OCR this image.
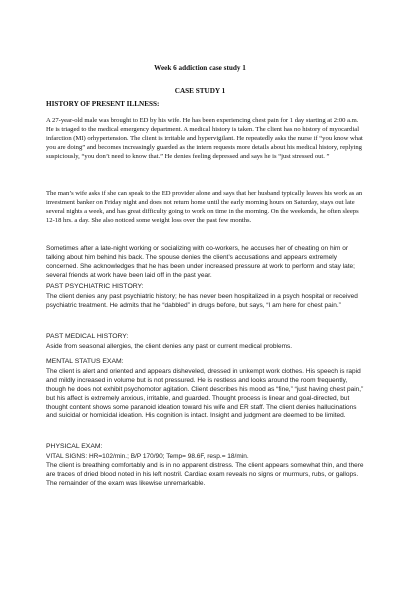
Week 6 addiction case study 1
CASE STUDY 1
HISTORY OF PRESENT ILLNESS:

A 27-year-old male was brought to ED by his wife. He has been experiencing chest pain for 1 day starting at 2:00 a.m. He is triaged to the medical emergency department. A medical history is taken. The client has no history of myocardial infarction (MI) orhypertension. The client is irritable and hypervigilant. He repeatedly asks the nurse if “you know what you are doing” and becomes increasingly guarded as the intern requests more details about his medical history, replying suspiciously, “you don’t need to know that.” He denies feeling depressed and says he is “just stressed out. ”

The man’s wife asks if she can speak to the ED provider alone and says that her husband typically leaves his work as an investment banker on Friday night and does not return home until the early morning hours on Saturday, stays out late several nights a week, and has great difficulty going to work on time in the morning. On the weekends, he often sleeps 12-18 hrs. a day. She also noticed some weight loss over the past few months.

Sometimes after a late-night working or socializing with co-workers, he accuses her of cheating on him or talking about him behind his back. The spouse denies the client’s accusations and appears extremely concerned. She acknowledges that he has been under increased pressure at work to perform and stay late; several friends at work have been laid off in the past year.
PAST PSYCHIATRIC HISTORY:
The client denies any past psychiatric history; he has never been hospitalized in a psych hospital or received psychiatric treatment. He admits that he “dabbled” in drugs before, but says, “I am here for chest pain.”
PAST MEDICAL HISTORY:
Aside from seasonal allergies, the client denies any past or current medical problems.
MENTAL STATUS EXAM:
The client is alert and oriented and appears disheveled, dressed in unkempt work clothes. His speech is rapid and mildly increased in volume but is not pressured. He is restless and looks around the room frequently, though he does not exhibit psychomotor agitation. Client describes his mood as “fine,” “just having chest pain,” but his affect is extremely anxious, irritable, and guarded. Thought process is linear and goal-directed, but thought content shows some paranoid ideation toward his wife and ER staff. The client denies hallucinations and suicidal or homicidal ideation. His cognition is intact. Insight and judgment are deemed to be limited.
PHYSICAL EXAM:
VITAL SIGNS: HR=102/min.; B/P 170/90; Temp= 98.6F, resp.= 18/min.
The client is breathing comfortably and is in no apparent distress. The client appears somewhat thin, and there are traces of dried blood noted in his left nostril. Cardiac exam reveals no signs or murmurs, rubs, or gallops. The remainder of the exam was likewise unremarkable.
